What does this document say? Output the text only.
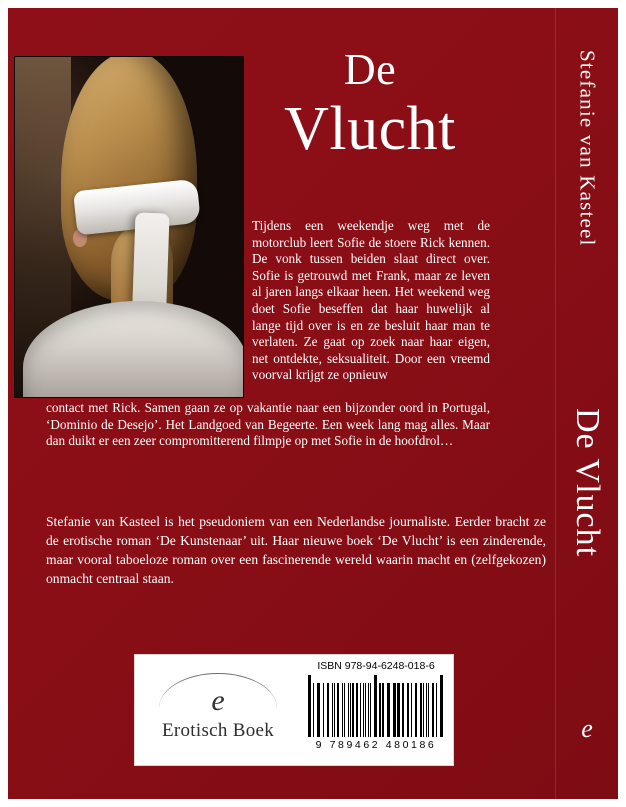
De
Vlucht

Tijdens een weekendje weg met de motorclub leert Sofie de stoere Rick kennen. De vonk tussen beiden slaat direct over. Sofie is getrouwd met Frank, maar ze leven al jaren langs elkaar heen. Het weekend weg doet Sofie beseffen dat haar huwelijk al lange tijd over is en ze besluit haar man te verlaten. Ze gaat op zoek naar haar eigen, net ontdekte, seksualiteit. Door een vreemd voorval krijgt ze opnieuw

contact met Rick. Samen gaan ze op vakantie naar een bijzonder oord in Portugal, ‘Dominio de Desejo’. Het Landgoed van Begeerte. Een week lang mag alles. Maar dan duikt er een zeer compromitterend filmpje op met Sofie in de hoofdrol…

Stefanie van Kasteel is het pseudoniem van een Nederlandse journaliste. Eerder bracht ze de erotische roman ‘De Kunstenaar’ uit. Haar nieuwe boek ‘De Vlucht’ is een zinderende, maar vooral taboeloze roman over een fascinerende wereld waarin macht en (zelfgekozen) onmacht centraal staan.

e
Erotisch Boek
ISBN 978-94-6248-018-6
9 789462 480186
Stefanie van Kasteel
De Vlucht
e
